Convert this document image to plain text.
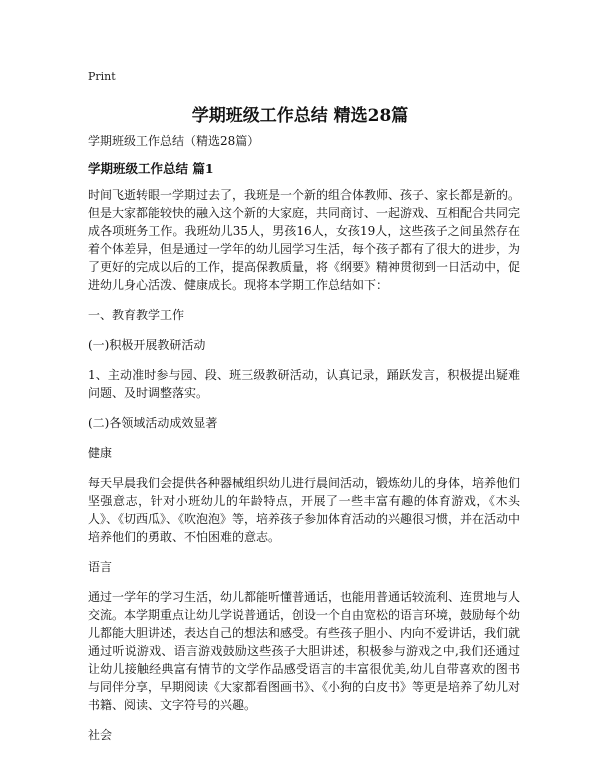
Print
学期班级工作总结 精选28篇
学期班级工作总结（精选28篇）
学期班级工作总结 篇1

时间飞逝转眼一学期过去了，我班是一个新的组合体教师、孩子、家长都是新的。但是大家都能较快的融入这个新的大家庭，共同商讨、一起游戏、互相配合共同完成各项班务工作。我班幼儿35人，男孩16人，女孩19人，这些孩子之间虽然存在着个体差异，但是通过一学年的幼儿园学习生活，每个孩子都有了很大的进步，为了更好的完成以后的工作，提高保教质量，将《纲要》精神贯彻到一日活动中，促进幼儿身心活泼、健康成长。现将本学期工作总结如下：

一、教育教学工作
(一)积极开展教研活动

1、主动准时参与园、段、班三级教研活动，认真记录，踊跃发言，积极提出疑难问题、及时调整落实。

(二)各领域活动成效显著
健康

每天早晨我们会提供各种器械组织幼儿进行晨间活动，锻炼幼儿的身体，培养他们坚强意志，针对小班幼儿的年龄特点，开展了一些丰富有趣的体育游戏，《木头人》、《切西瓜》、《吹泡泡》等，培养孩子参加体育活动的兴趣很习惯，并在活动中培养他们的勇敢、不怕困难的意志。

语言

通过一学年的学习生活，幼儿都能听懂普通话，也能用普通话较流利、连贯地与人交流。本学期重点让幼儿学说普通话，创设一个自由宽松的语言环境，鼓励每个幼儿都能大胆讲述，表达自己的想法和感受。有些孩子胆小、内向不爱讲话，我们就通过听说游戏、语言游戏鼓励这些孩子大胆讲述，积极参与游戏之中,我们还通过让幼儿接触经典富有情节的文学作品感受语言的丰富很优美,幼儿自带喜欢的图书与同伴分享，早期阅读《大家都看图画书》、《小狗的白皮书》等更是培养了幼儿对书籍、阅读、文字符号的兴趣。

社会
